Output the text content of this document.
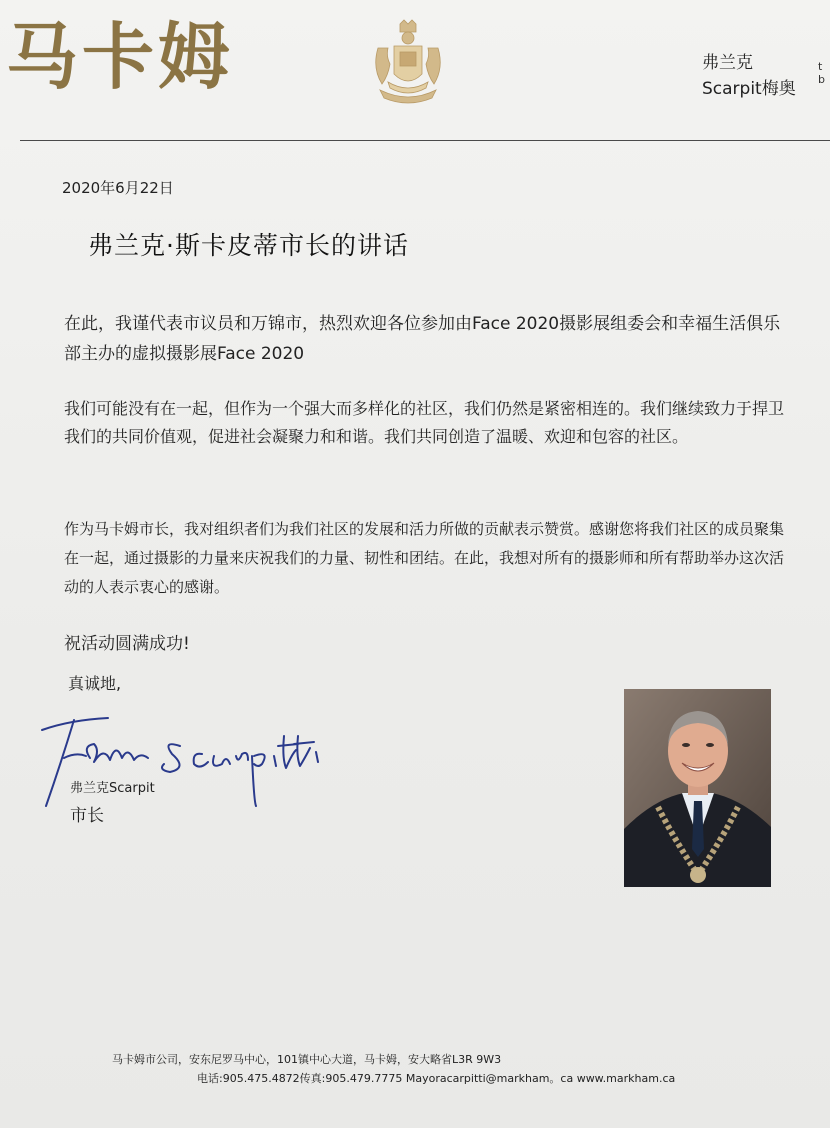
马卡姆	弗兰克
Scarpit梅奥
t b
2020年6月22日
弗兰克·斯卡皮蒂市长的讲话
在此，我谨代表市议员和万锦市，热烈欢迎各位参加由Face 2020摄影展组委会和幸福生活俱乐部主办的虚拟摄影展Face 2020
我们可能没有在一起，但作为一个强大而多样化的社区，我们仍然是紧密相连的。我们继续致力于捍卫我们的共同价值观，促进社会凝聚力和和谐。我们共同创造了温暖、欢迎和包容的社区。
作为马卡姆市长，我对组织者们为我们社区的发展和活力所做的贡献表示赞赏。感谢您将我们社区的成员聚集在一起，通过摄影的力量来庆祝我们的力量、韧性和团结。在此，我想对所有的摄影师和所有帮助举办这次活动的人表示衷心的感谢。
祝活动圆满成功!
真诚地,
弗兰克Scarpit
市长
马卡姆市公司，安东尼罗马中心，101镇中心大道，马卡姆，安大略省L3R 9W3
电话:905.475.4872传真:905.479.7775 Mayoracarpitti@markham。ca www.markham.ca
